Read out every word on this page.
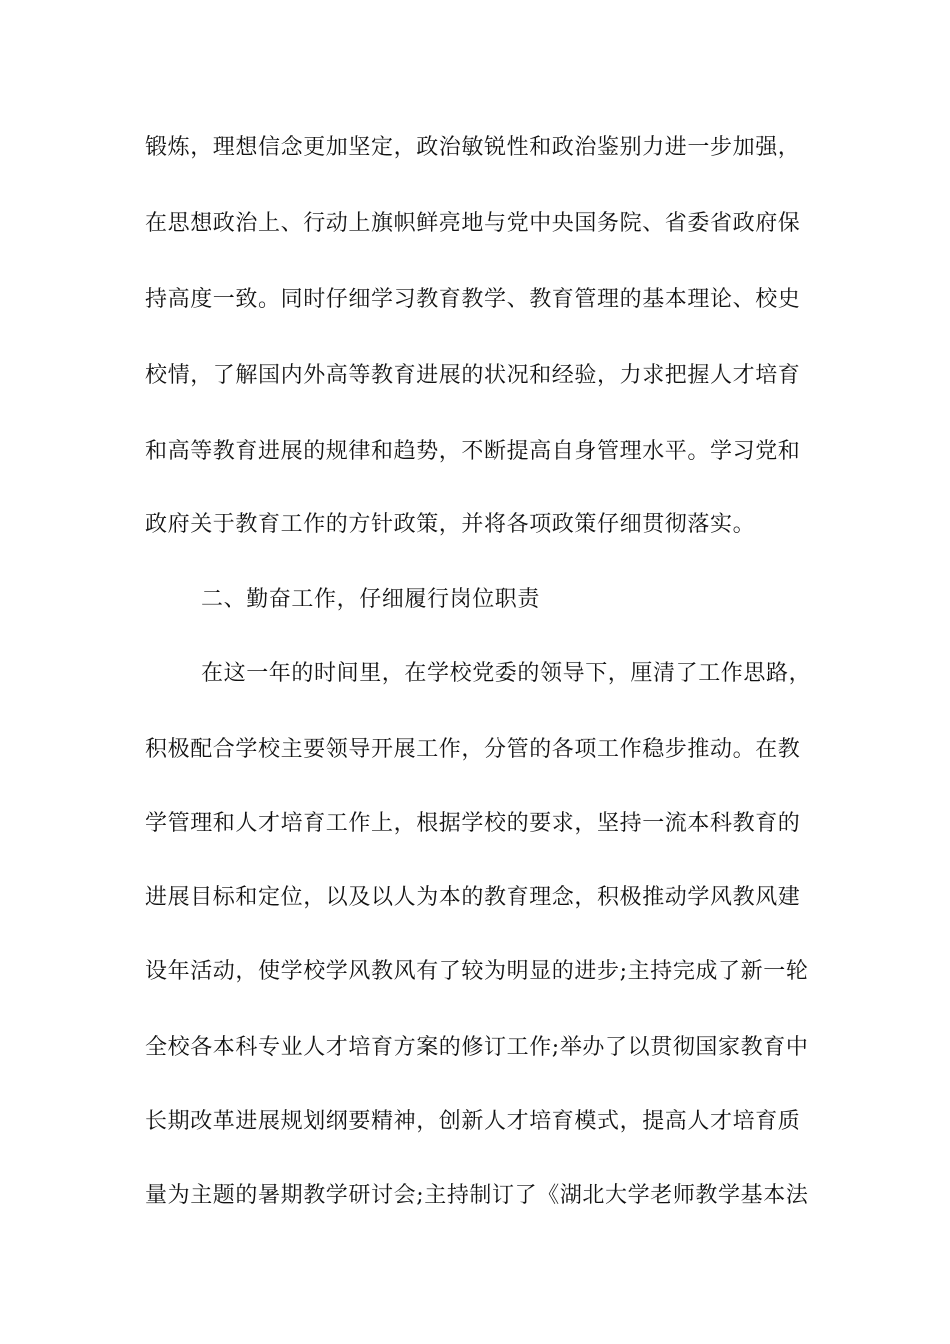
锻炼，理想信念更加坚定，政治敏锐性和政治鉴别力进一步加强，
在思想政治上、行动上旗帜鲜亮地与党中央国务院、省委省政府保
持高度一致。同时仔细学习教育教学、教育管理的基本理论、校史
校情，了解国内外高等教育进展的状况和经验，力求把握人才培育
和高等教育进展的规律和趋势，不断提高自身管理水平。学习党和
政府关于教育工作的方针政策，并将各项政策仔细贯彻落实。
二、勤奋工作，仔细履行岗位职责
在这一年的时间里，在学校党委的领导下，厘清了工作思路，
积极配合学校主要领导开展工作，分管的各项工作稳步推动。在教
学管理和人才培育工作上，根据学校的要求，坚持一流本科教育的
进展目标和定位，以及以人为本的教育理念，积极推动学风教风建
设年活动，使学校学风教风有了较为明显的进步;主持完成了新一轮
全校各本科专业人才培育方案的修订工作;举办了以贯彻国家教育中
长期改革进展规划纲要精神，创新人才培育模式，提高人才培育质
量为主题的暑期教学研讨会;主持制订了《湖北大学老师教学基本法
